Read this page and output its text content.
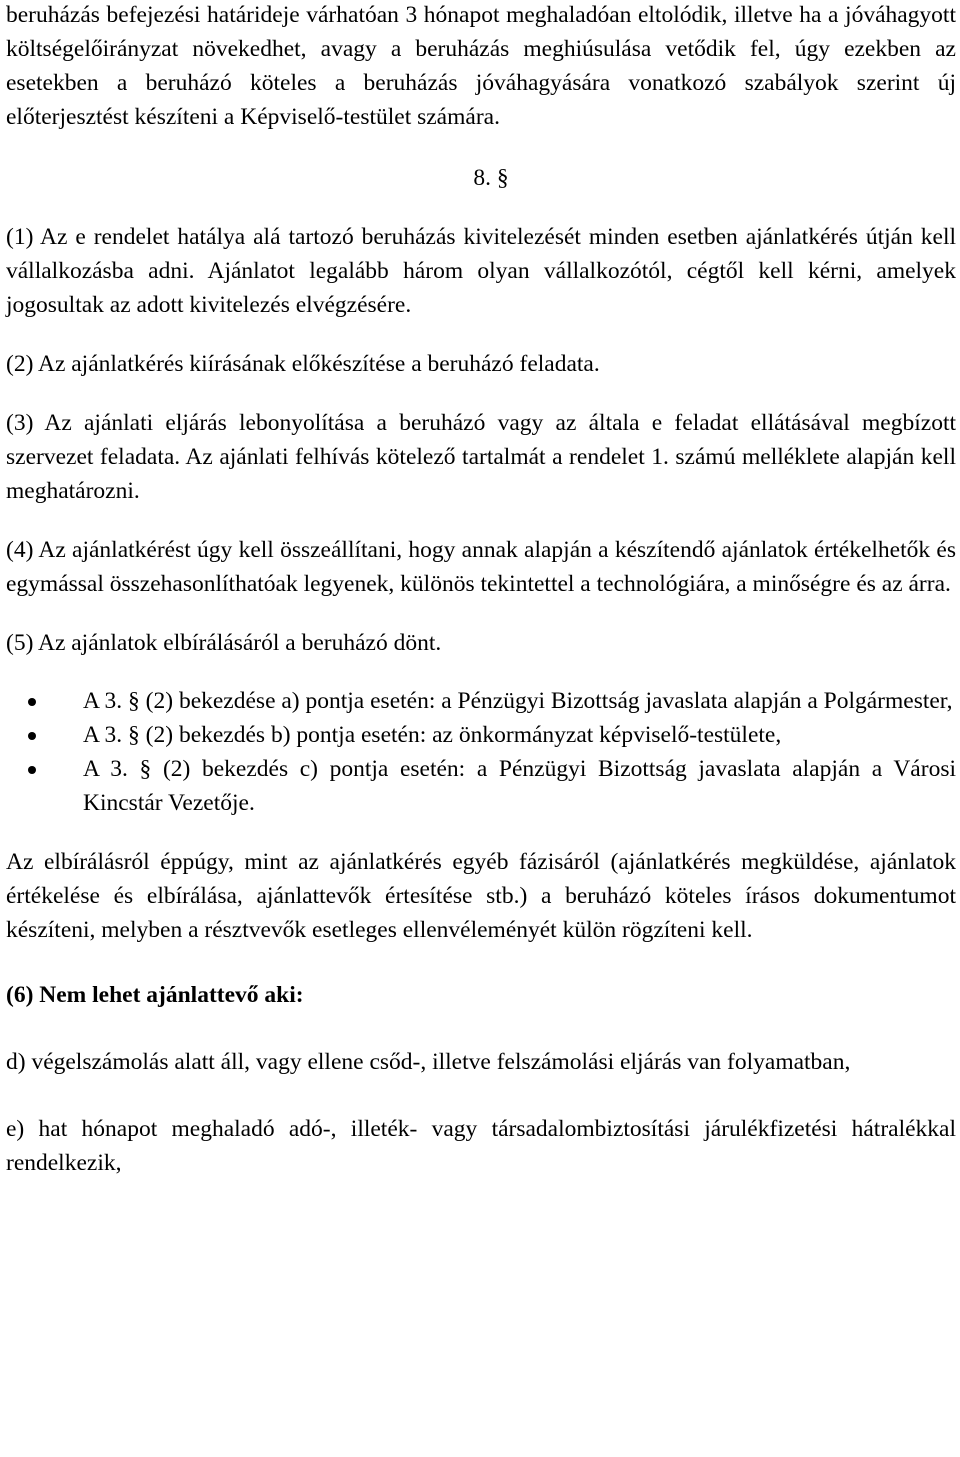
beruházás befejezési határideje várhatóan 3 hónapot meghaladóan eltolódik, illetve ha a jóváhagyott költségelőirányzat növekedhet, avagy a beruházás meghiúsulása vetődik fel, úgy ezekben az esetekben a beruházó köteles a beruházás jóváhagyására vonatkozó szabályok szerint új előterjesztést készíteni a Képviselő-testület számára.

8. §

(1) Az e rendelet hatálya alá tartozó beruházás kivitelezését minden esetben ajánlatkérés útján kell vállalkozásba adni. Ajánlatot legalább három olyan vállalkozótól, cégtől kell kérni, amelyek jogosultak az adott kivitelezés elvégzésére.

(2) Az ajánlatkérés kiírásának előkészítése a beruházó feladata.

(3) Az ajánlati eljárás lebonyolítása a beruházó vagy az általa e feladat ellátásával megbízott szervezet feladata. Az ajánlati felhívás kötelező tartalmát a rendelet 1. számú melléklete alapján kell meghatározni.

(4) Az ajánlatkérést úgy kell összeállítani, hogy annak alapján a készítendő ajánlatok értékelhetők és egymással összehasonlíthatóak legyenek, különös tekintettel a technológiára, a minőségre és az árra.

(5) Az ajánlatok elbírálásáról a beruházó dönt.

A 3. § (2) bekezdése a) pontja esetén: a Pénzügyi Bizottság javaslata alapján a Polgármester,
A 3. § (2) bekezdés b) pontja esetén: az önkormányzat képviselő-testülete,
A 3. § (2) bekezdés c) pontja esetén: a Pénzügyi Bizottság javaslata alapján a Városi Kincstár Vezetője.

Az elbírálásról éppúgy, mint az ajánlatkérés egyéb fázisáról (ajánlatkérés megküldése, ajánlatok értékelése és elbírálása, ajánlattevők értesítése stb.) a beruházó köteles írásos dokumentumot készíteni, melyben a résztvevők esetleges ellenvéleményét külön rögzíteni kell.

(6) Nem lehet ajánlattevő aki:

d) végelszámolás alatt áll, vagy ellene csőd-, illetve felszámolási eljárás van folyamatban,

e) hat hónapot meghaladó adó-, illeték- vagy társadalombiztosítási járulékfizetési hátralékkal rendelkezik,
